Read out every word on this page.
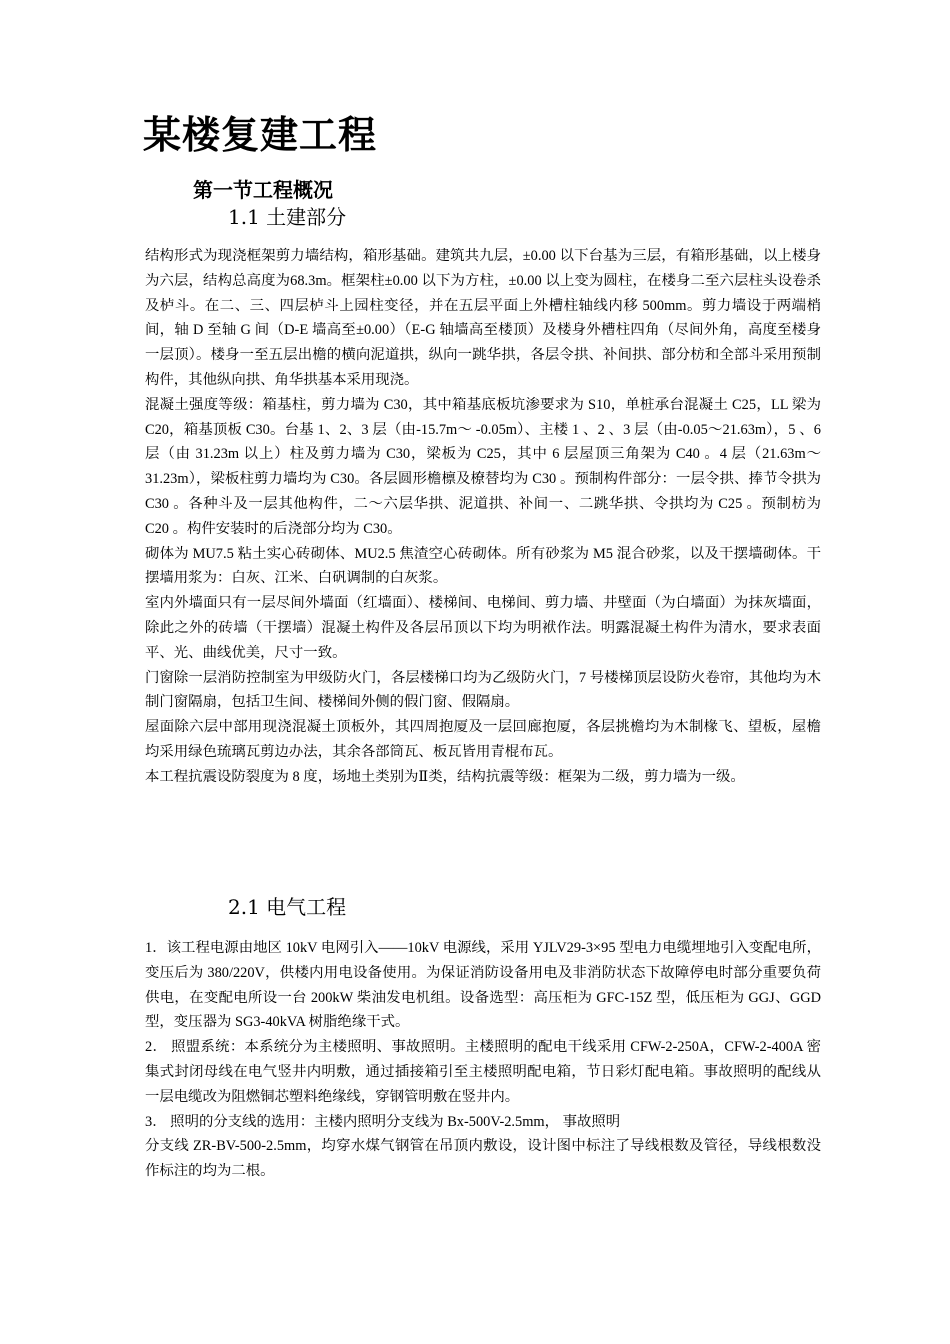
某楼复建工程
第一节工程概况
1.1 土建部分

结构形式为现浇框架剪力墙结构，箱形基础。建筑共九层，±0.00 以下台基为三层，有箱形基础，以上楼身为六层，结构总高度为68.3m。框架柱±0.00 以下为方柱，±0.00 以上变为圆柱，在楼身二至六层柱头设卷杀及栌斗。在二、三、四层栌斗上园柱变径，并在五层平面上外槽柱轴线内移 500mm。剪力墙设于两端梢间，轴 D 至轴 G 间（D-E 墙高至±0.00）（E-G 轴墙高至楼顶）及楼身外槽柱四角（尽间外角，高度至楼身一层顶）。楼身一至五层出檐的横向泥道拱，纵向一跳华拱，各层令拱、补间拱、部分枋和全部斗采用预制构件，其他纵向拱、角华拱基本采用现浇。

混凝土强度等级：箱基柱，剪力墙为 C30，其中箱基底板坑渗要求为 S10，单桩承台混凝土 C25，LL 梁为 C20，箱基顶板 C30。台基 1、2、3 层（由-15.7m～ -0.05m）、主楼 1 、2 、3 层（由-0.05～21.63m），5 、6 层（由 31.23m 以上）柱及剪力墙为 C30，梁板为 C25，其中 6 层屋顶三角架为 C40 。4 层（21.63m～31.23m），梁板柱剪力墙均为 C30。各层圆形檐檩及橑替均为 C30 。预制构件部分：一层令拱、捧节令拱为 C30 。各种斗及一层其他构件，二～六层华拱、泥道拱、补间一、二跳华拱、令拱均为 C25 。预制枋为 C20 。构件安装时的后浇部分均为 C30。

砌体为 MU7.5 粘土实心砖砌体、MU2.5 焦渣空心砖砌体。所有砂浆为 M5 混合砂浆，以及干摆墙砌体。干摆墙用浆为：白灰、江米、白矾调制的白灰浆。

室内外墙面只有一层尽间外墙面（红墙面）、楼梯间、电梯间、剪力墙、井壁面（为白墙面）为抹灰墙面，除此之外的砖墙（干摆墙）混凝土构件及各层吊顶以下均为明袱作法。明露混凝土构件为清水，要求表面平、光、曲线优美，尺寸一致。

门窗除一层消防控制室为甲级防火门，各层楼梯口均为乙级防火门，7 号楼梯顶层设防火卷帘，其他均为木制门窗隔扇，包括卫生间、楼梯间外侧的假门窗、假隔扇。

屋面除六层中部用现浇混凝土顶板外，其四周抱厦及一层回廊抱厦，各层挑檐均为木制椽飞、望板，屋檐均采用绿色琉璃瓦剪边办法，其余各部筒瓦、板瓦皆用青棍布瓦。

本工程抗震设防裂度为 8 度，场地土类别为Ⅱ类，结构抗震等级：框架为二级，剪力墙为一级。

2.1 电气工程

1．该工程电源由地区 10kV 电网引入——10kV 电源线，采用 YJLV29-3×95 型电力电缆埋地引入变配电所，变压后为 380/220V，供楼内用电设备使用。为保证消防设备用电及非消防状态下故障停电时部分重要负荷供电，在变配电所设一台 200kW 柴油发电机组。设备选型：高压柜为 GFC-15Z 型，低压柜为 GGJ、GGD 型，变压器为 SG3-40kVA 树脂绝缘干式。

2． 照盟系统：本系统分为主楼照明、事故照明。主楼照明的配电干线采用 CFW-2-250A，CFW-2-400A 密集式封闭母线在电气竖井内明敷，通过插接箱引至主楼照明配电箱，节日彩灯配电箱。事故照明的配线从一层电缆改为阻燃铜芯塑料绝缘线，穿钢管明敷在竖井内。

3． 照明的分支线的选用：主楼内照明分支线为 Bx-500V-2.5mm， 事故照明

分支线 ZR-BV-500-2.5mm，均穿水煤气钢管在吊顶内敷设，设计图中标注了导线根数及管径，导线根数没作标注的均为二根。
